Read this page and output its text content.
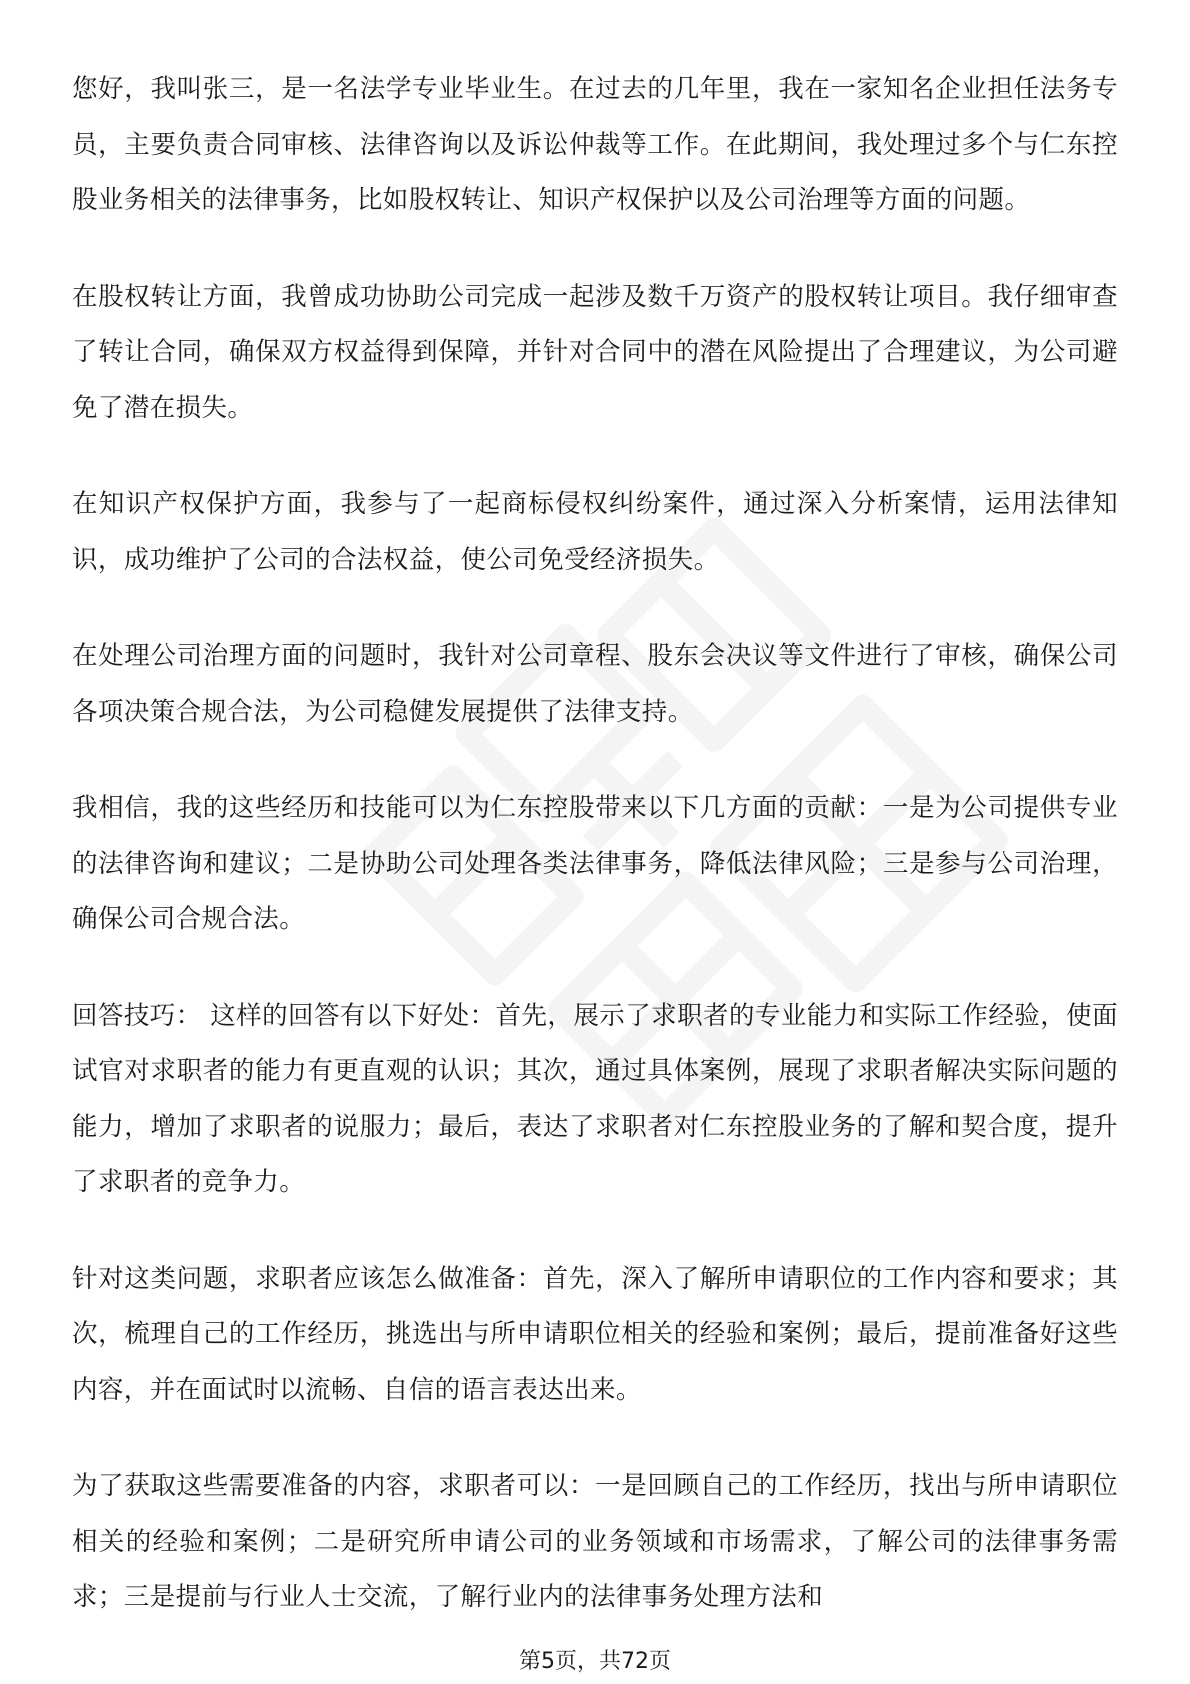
您好，我叫张三，是一名法学专业毕业生。在过去的几年里，我在一家知名企业担任法务专员，主要负责合同审核、法律咨询以及诉讼仲裁等工作。在此期间，我处理过多个与仁东控股业务相关的法律事务，比如股权转让、知识产权保护以及公司治理等方面的问题。

在股权转让方面，我曾成功协助公司完成一起涉及数千万资产的股权转让项目。我仔细审查了转让合同，确保双方权益得到保障，并针对合同中的潜在风险提出了合理建议，为公司避免了潜在损失。

在知识产权保护方面，我参与了一起商标侵权纠纷案件，通过深入分析案情，运用法律知识，成功维护了公司的合法权益，使公司免受经济损失。

在处理公司治理方面的问题时，我针对公司章程、股东会决议等文件进行了审核，确保公司各项决策合规合法，为公司稳健发展提供了法律支持。

我相信，我的这些经历和技能可以为仁东控股带来以下几方面的贡献：一是为公司提供专业的法律咨询和建议；二是协助公司处理各类法律事务，降低法律风险；三是参与公司治理，确保公司合规合法。

回答技巧： 这样的回答有以下好处：首先，展示了求职者的专业能力和实际工作经验，使面试官对求职者的能力有更直观的认识；其次，通过具体案例，展现了求职者解决实际问题的能力，增加了求职者的说服力；最后，表达了求职者对仁东控股业务的了解和契合度，提升了求职者的竞争力。

针对这类问题，求职者应该怎么做准备：首先，深入了解所申请职位的工作内容和要求；其次，梳理自己的工作经历，挑选出与所申请职位相关的经验和案例；最后，提前准备好这些内容，并在面试时以流畅、自信的语言表达出来。

为了获取这些需要准备的内容，求职者可以：一是回顾自己的工作经历，找出与所申请职位相关的经验和案例；二是研究所申请公司的业务领域和市场需求，了解公司的法律事务需求；三是提前与行业人士交流，了解行业内的法律事务处理方法和

第5页，共72页
